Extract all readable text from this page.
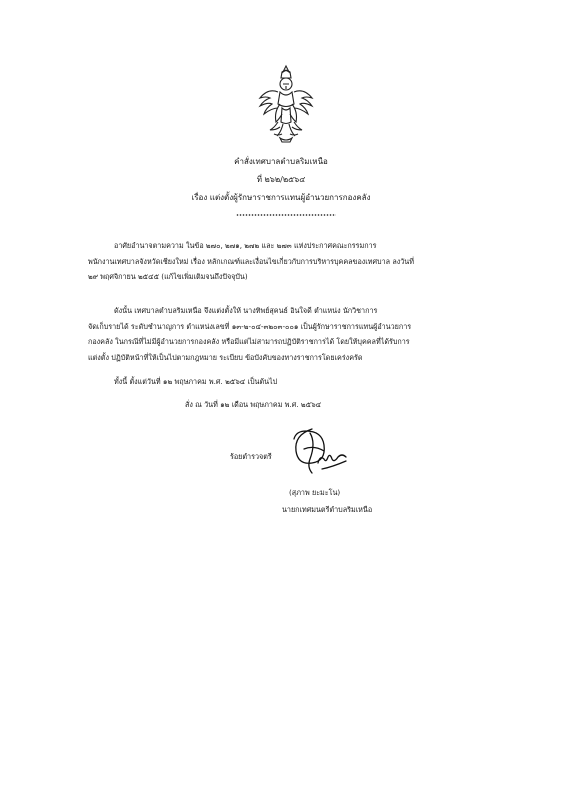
คำสั่งเทศบาลตำบลริมเหนือ
ที่ ๒๖๒/๒๕๖๔
เรื่อง แต่งตั้งผู้รักษาราชการแทนผู้อำนวยการกองคลัง
อาศัยอำนาจตามความ ในข้อ ๒๗๐, ๒๗๑, ๒๗๒ และ ๒๗๓ แห่งประกาศคณะกรรมการ
พนักงานเทศบาลจังหวัดเชียงใหม่ เรื่อง หลักเกณฑ์และเงื่อนไขเกี่ยวกับการบริหารบุคคลของเทศบาล ลงวันที่
๒๙ พฤศจิกายน ๒๕๔๕ (แก้ไขเพิ่มเติมจนถึงปัจจุบัน)
ดังนั้น เทศบาลตำบลริมเหนือ จึงแต่งตั้งให้ นางทิพย์สุคนธ์ อินใจดี ตำแหน่ง นักวิชาการ
จัดเก็บรายได้ ระดับชำนาญการ ตำแหน่งเลขที่ ๑๓-๒-๐๔-๓๒๐๓-๐๐๑ เป็นผู้รักษาราชการแทนผู้อำนวยการ
กองคลัง ในกรณีที่ไม่มีผู้อำนวยการกองคลัง หรือมีแต่ไม่สามารถปฏิบัติราชการได้ โดยให้บุคคลที่ได้รับการ
แต่งตั้ง ปฏิบัติหน้าที่ให้เป็นไปตามกฎหมาย ระเบียบ ข้อบังคับของทางราชการโดยเคร่งครัด
ทั้งนี้ ตั้งแต่วันที่ ๑๒ พฤษภาคม พ.ศ. ๒๕๖๔ เป็นต้นไป
สั่ง ณ วันที่ ๑๒ เดือน พฤษภาคม พ.ศ. ๒๕๖๔
ร้อยตำรวจตรี
(สุภาพ ยะมะโน)
นายกเทศมนตรีตำบลริมเหนือ
